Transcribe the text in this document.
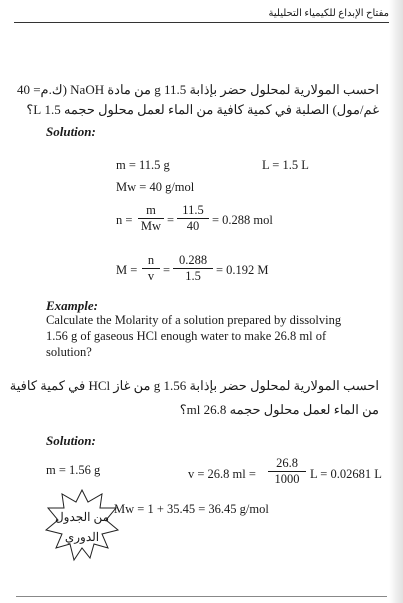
مفتاح الإبداع للكيمياء التحليلية
احسب المولارية لمحلول حضر بإذابة 11.5 g من مادة NaOH (ك.م= 40
غم/مول) الصلبة في كمية كافية من الماء لعمل محلول حجمه 1.5 L؟
Solution:
m = 11.5 g	L = 1.5 L
Mw = 40 g/mol
$n = \frac{m}{Mw} = \frac{11.5}{40} = 0.288$ mol
$M = \frac{n}{v} = \frac{0.288}{1.5} = 0.192$ M
Example:
Calculate the Molarity of a solution prepared by dissolving
1.56 g of gaseous HCl enough water to make 26.8 ml of
solution?
احسب المولارية لمحلول حضر بإذابة 1.56 g من غاز HCl في كمية كافية
من الماء لعمل محلول حجمه 26.8 ml؟
Solution:
m = 1.56 g	v = 26.8 ml = $\frac{26.8}{1000}$ L = 0.02681 L
Mw = 1 + 35.45 = 36.45 g/mol
من الجدول
الدوري
